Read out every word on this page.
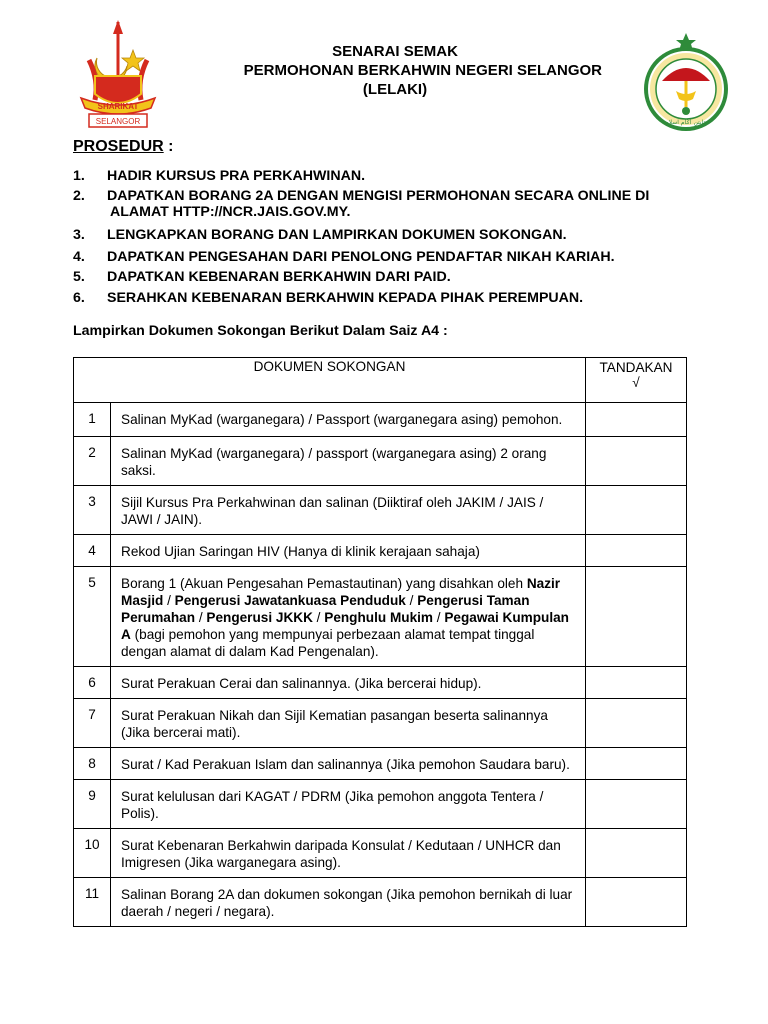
SHARIKAT
SELANGOR
SENARAI SEMAK
PERMOHONAN BERKAHWIN NEGERI SELANGOR
(LELAKI)
جابتن اݢام اسلام
PROSEDUR :
1. HADIR KURSUS PRA PERKAHWINAN.
2. DAPATKAN BORANG 2A DENGAN MENGISI PERMOHONAN SECARA ONLINE DI
ALAMAT HTTP://NCR.JAIS.GOV.MY.
3. LENGKAPKAN BORANG DAN LAMPIRKAN DOKUMEN SOKONGAN.
4. DAPATKAN PENGESAHAN DARI PENOLONG PENDAFTAR NIKAH KARIAH.
5. DAPATKAN KEBENARAN BERKAHWIN DARI PAID.
6. SERAHKAN KEBENARAN BERKAHWIN KEPADA PIHAK PEREMPUAN.
Lampirkan Dokumen Sokongan Berikut Dalam Saiz A4 :
DOKUMEN SOKONGAN		TANDAKAN
√

1	Salinan MyKad (warganegara) / Passport (warganegara asing) pemohon.	
2	Salinan MyKad (warganegara) / passport (warganegara asing) 2 orang saksi.	
3	Sijil Kursus Pra Perkahwinan dan salinan (Diiktiraf oleh JAKIM / JAIS / JAWI / JAIN).	
4	Rekod Ujian Saringan HIV (Hanya di klinik kerajaan sahaja)	
5	Borang 1 (Akuan Pengesahan Pemastautinan) yang disahkan oleh Nazir Masjid / Pengerusi Jawatankuasa Penduduk / Pengerusi Taman Perumahan / Pengerusi JKKK / Penghulu Mukim / Pegawai Kumpulan A (bagi pemohon yang mempunyai perbezaan alamat tempat tinggal dengan alamat di dalam Kad Pengenalan).	
6	Surat Perakuan Cerai dan salinannya. (Jika bercerai hidup).	
7	Surat Perakuan Nikah dan Sijil Kematian pasangan beserta salinannya (Jika bercerai mati).	
8	Surat / Kad Perakuan Islam dan salinannya (Jika pemohon Saudara baru).	
9	Surat kelulusan dari KAGAT / PDRM (Jika pemohon anggota Tentera / Polis).	
10	Surat Kebenaran Berkahwin daripada Konsulat / Kedutaan / UNHCR dan Imigresen (Jika warganegara asing).	
11	Salinan Borang 2A dan dokumen sokongan (Jika pemohon bernikah di luar daerah / negeri / negara).	
